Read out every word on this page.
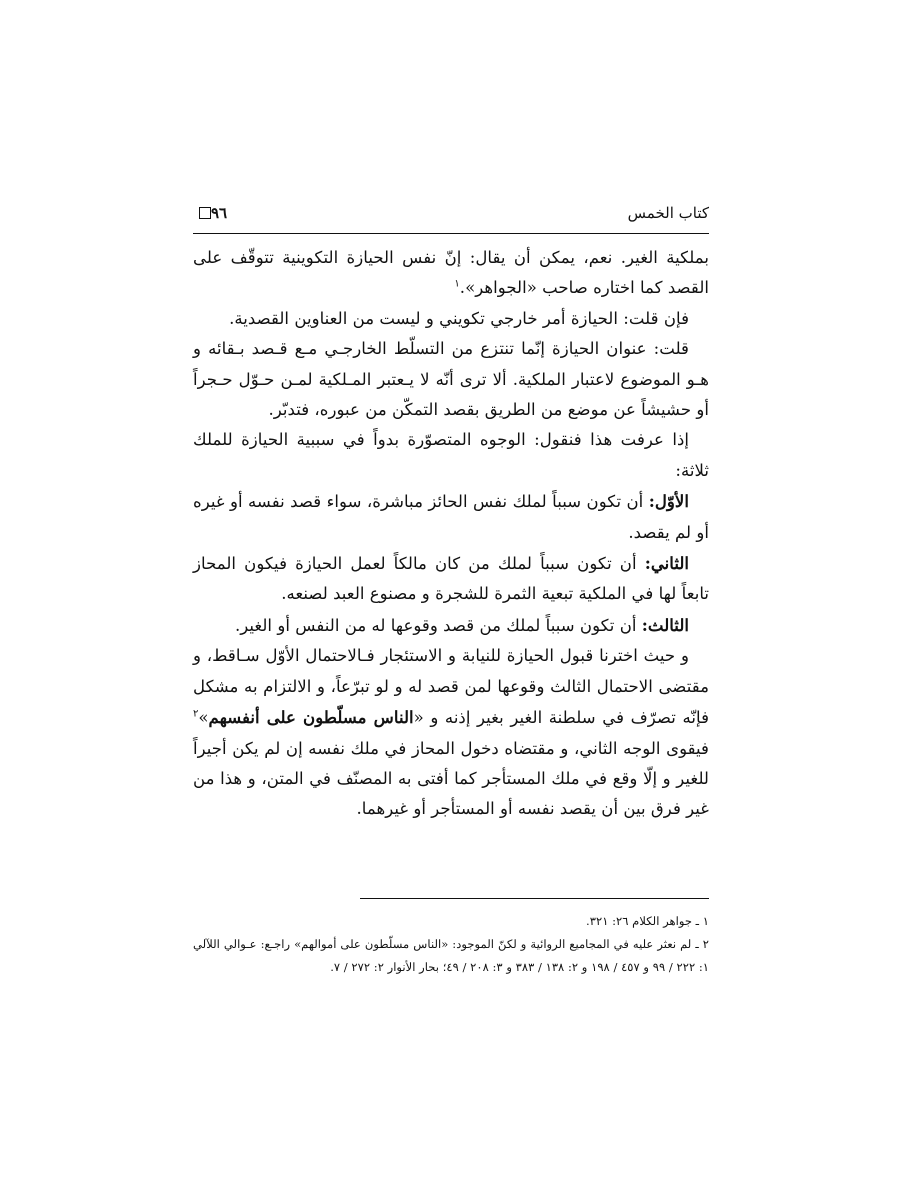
٩٦	كتاب الخمس

بملكية الغير. نعم، يمكن أن يقال: إنّ نفس الحيازة التكوينية تتوقّف على القصد كما اختاره صاحب «الجواهر».$^١$

فإن قلت: الحيازة أمر خارجي تكويني و ليست من العناوين القصدية.

قلت: عنوان الحيازة إنّما تنتزع من التسلّط الخارجـي مـع قـصد بـقائه و هـو الموضوع لاعتبار الملكية. ألا ترى أنّه لا يـعتبر المـلكية لمـن حـوّل حـجراً أو حشيشاً عن موضع من الطريق بقصد التمكّن من عبوره، فتدبّر.

إذا عرفت هذا فنقول: الوجوه المتصوّرة بدواً في سببية الحيازة للملك ثلاثة:

الأوّل: أن تكون سبباً لملك نفس الحائز مباشرة، سواء قصد نفسه أو غيره أو لم يقصد.

الثاني: أن تكون سبباً لملك من كان مالكاً لعمل الحيازة فيكون المحاز تابعاً لها في الملكية تبعية الثمرة للشجرة و مصنوع العبد لصنعه.

الثالث: أن تكون سبباً لملك من قصد وقوعها له من النفس أو الغير.

و حيث اخترنا قبول الحيازة للنيابة و الاستئجار فـالاحتمال الأوّل سـاقط، و مقتضى الاحتمال الثالث وقوعها لمن قصد له و لو تبرّعاً، و الالتزام به مشكل فإنّه تصرّف في سلطنة الغير بغير إذنه و «الناس مسلّطون على أنفسهم»$^٢$ فيقوى الوجه الثاني، و مقتضاه دخول المحاز في ملك نفسه إن لم يكن أجيراً للغير و إلّا وقع في ملك المستأجر كما أفتى به المصنّف في المتن، و هذا من غير فرق بين أن يقصد نفسه أو المستأجر أو غيرهما.

١ ـ جواهر الكلام ٢٦: ٣٢١.
٢ ـ لم نعثر عليه في المجاميع الروائية و لكنّ الموجود: «الناس مسلّطون على أموالهم» راجـع: عـوالي اللآلي ١: ٢٢٢ / ٩٩ و ٤٥٧ / ١٩٨ و ٢: ١٣٨ / ٣٨٣ و ٣: ٢٠٨ / ٤٩؛ بحار الأنوار ٢: ٢٧٢ / ٧.
